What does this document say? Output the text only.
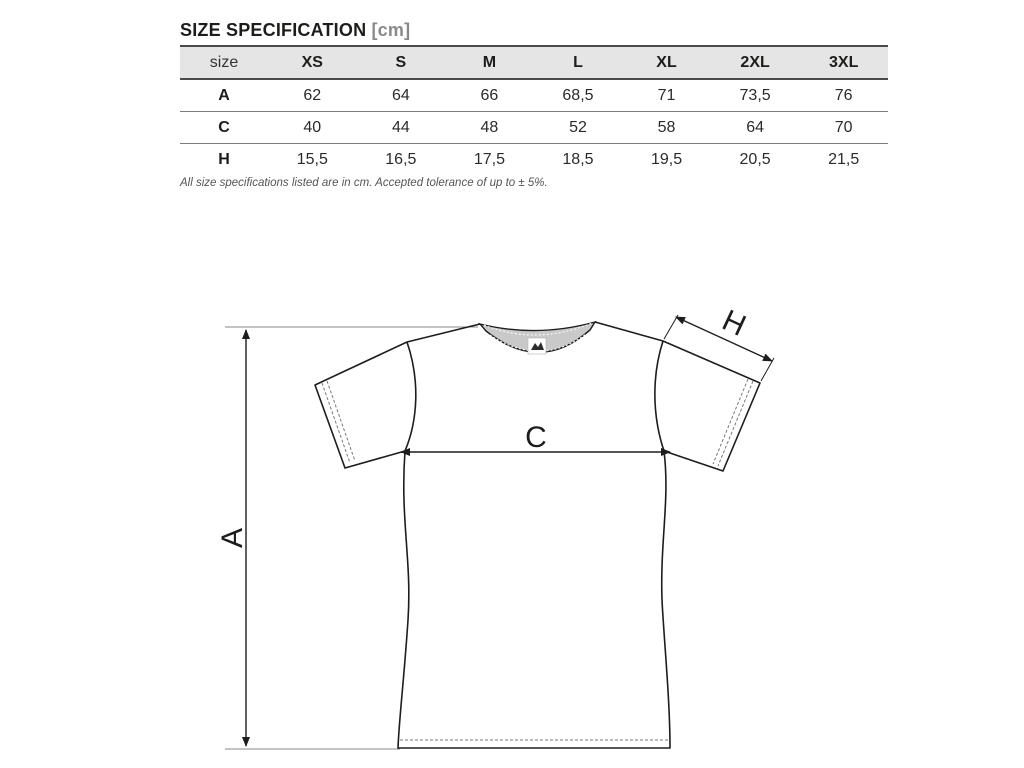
SIZE SPECIFICATION [cm]
size	XS	S	M	L	XL	2XL	3XL
A	62	64	66	68,5	71	73,5	76
C	40	44	48	52	58	64	70
H	15,5	16,5	17,5	18,5	19,5	20,5	21,5
All size specifications listed are in cm. Accepted tolerance of up to ± 5%.
A
C
H
